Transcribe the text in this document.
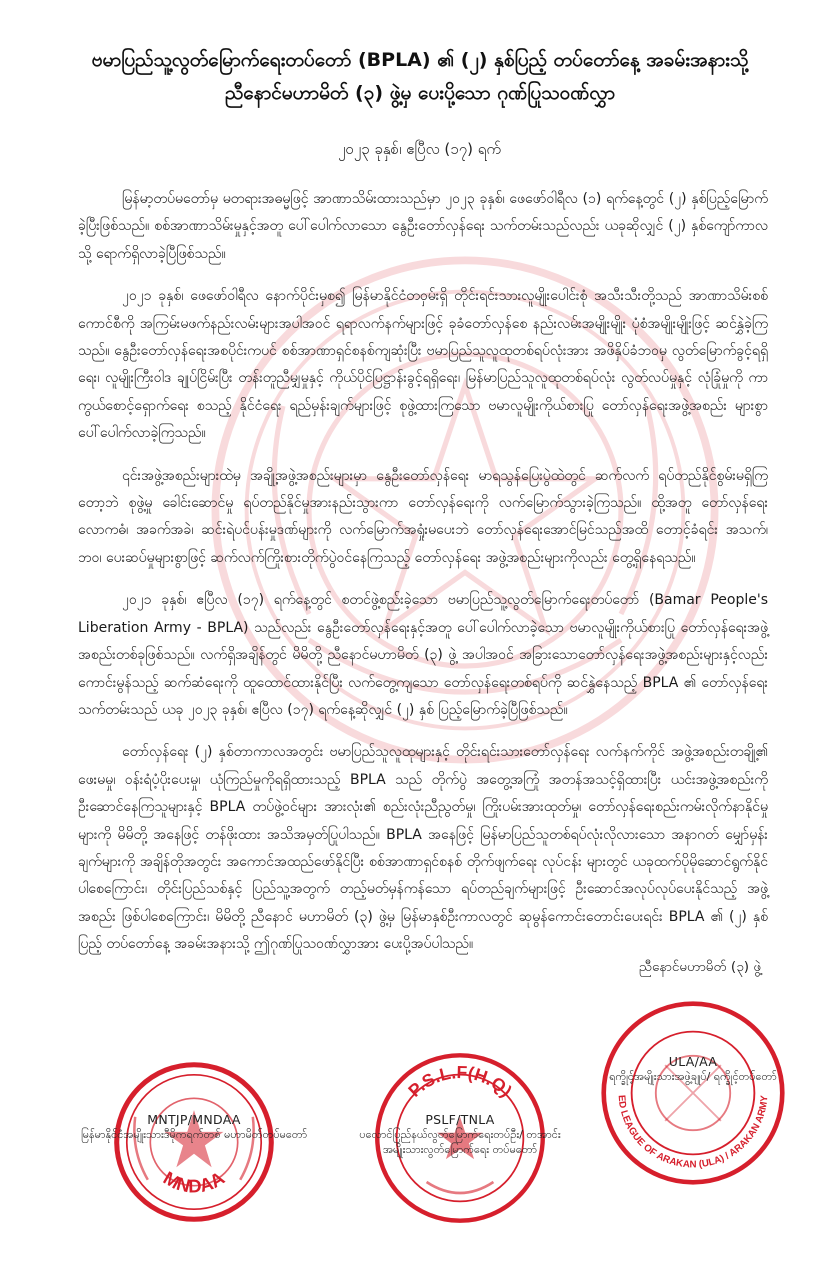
ဗမာပြည်သူ့လွတ်မြောက်ရေးတပ်တော် (BPLA) ၏ (၂) နှစ်ပြည့် တပ်တော်နေ့ အခမ်းအနားသို့
ညီနောင်မဟာမိတ် (၃) ဖွဲ့မှ ပေးပို့သော ဂုဏ်ပြုသဝဏ်လွှာ
၂၀၂၃ ခုနှစ်၊ ဧပြီလ (၁၇) ရက်

မြန်မာ့တပ်မတော်မှ မတရားအဓမ္မဖြင့် အာဏာသိမ်းထားသည်မှာ ၂၀၂၃ ခုနှစ်၊ ဖေဖော်ဝါရီလ (၁) ရက်နေ့တွင် (၂) နှစ်ပြည့်မြောက်ခဲ့ပြီးဖြစ်သည်။ စစ်အာဏာသိမ်းမှုနှင့်အတူ ပေါ်ပေါက်လာသော နွေဦးတော်လှန်ရေး သက်တမ်းသည်လည်း ယခုဆိုလျှင် (၂) နှစ်ကျော်ကာလသို့ ရောက်ရှိလာခဲ့ပြီဖြစ်သည်။

၂၀၂၁ ခုနှစ်၊ ဖေဖော်ဝါရီလ နောက်ပိုင်းမှစ၍ မြန်မာနိုင်ငံတဝှမ်းရှိ တိုင်းရင်းသားလူမျိုးပေါင်းစုံ အသီးသီးတို့သည် အာဏာသိမ်းစစ်ကောင်စီကို အကြမ်းမဖက်နည်းလမ်းများအပါအဝင် ရရာလက်နက်များဖြင့် ခုခံတော်လှန်စေ နည်းလမ်းအမျိုးမျိုး ပုံစံအမျိုးမျိုးဖြင့် ဆင်နွှဲခဲ့ကြသည်။ နွေဦးတော်လှန်ရေးအစပိုင်းကပင် စစ်အာဏာရှင်စနစ်ကျဆုံးပြီး ဗမာပြည်သူလူထုတစ်ရပ်လုံးအား အဖိနှိပ်ခံဘဝမှ လွတ်မြောက်ခွင့်ရရှိရေး၊ လူမျိုးကြီးဝါဒ ချုပ်ငြိမ်းပြီး တန်းတူညီမျှမှုနှင့် ကိုယ်ပိုင်ပြဋ္ဌာန်းခွင့်ရရှိရေး၊ မြန်မာပြည်သူလူထုတစ်ရပ်လုံး လွတ်လပ်မှုနှင့် လုံခြုံမှုကို ကာကွယ်စောင့်ရှောက်ရေး စသည့် နိုင်ငံရေး ရည်မှန်းချက်များဖြင့် စုဖွဲ့ထားကြသော ဗမာလူမျိုးကိုယ်စားပြု တော်လှန်ရေးအဖွဲ့အစည်း များစွာပေါ်ပေါက်လာခဲ့ကြသည်။

၎င်းအဖွဲ့အစည်းများထဲမှ အချို့အဖွဲ့အစည်းများမှာ နွေဦးတော်လှန်ရေး မာရသွန်ပြေးပွဲထဲတွင် ဆက်လက် ရပ်တည်နိုင်စွမ်းမရှိကြတော့ဘဲ စုဖွဲ့မှု ခေါင်းဆောင်မှု ရပ်တည်နိုင်မှုအားနည်းသွားကာ တော်လှန်ရေးကို လက်မြောက်သွားခဲ့ကြသည်။ ထို့အတူ တော်လှန်ရေးလောကဓံ၊ အခက်အခဲ၊ ဆင်းရဲပင်ပန်းမှုဒဏ်များကို လက်မြောက်အရှုံးမပေးဘဲ တော်လှန်ရေးအောင်မြင်သည်အထိ တောင့်ခံရင်း အသက်၊ ဘဝ၊ ပေးဆပ်မှုများစွာဖြင့် ဆက်လက်ကြိုးစားတိုက်ပွဲဝင်နေကြသည့် တော်လှန်ရေး အဖွဲ့အစည်းများကိုလည်း တွေ့ရှိနေရသည်။

၂၀၂၁ ခုနှစ်၊ ဧပြီလ (၁၇) ရက်နေ့တွင် စတင်ဖွဲ့စည်းခဲ့သော ဗမာပြည်သူ့လွတ်မြောက်ရေးတပ်တော် (Bamar People's Liberation Army - BPLA) သည်လည်း နွေဦးတော်လှန်ရေးနှင့်အတူ ပေါ်ပေါက်လာခဲ့သော ဗမာလူမျိုးကိုယ်စားပြု တော်လှန်ရေးအဖွဲ့အစည်းတစ်ခုဖြစ်သည်။ လက်ရှိအချိန်တွင် မိမိတို့ ညီနောင်မဟာမိတ် (၃) ဖွဲ့ အပါအဝင် အခြားသောတော်လှန်ရေးအဖွဲ့အစည်းများနှင့်လည်း ကောင်းမွန်သည့် ဆက်ဆံရေးကို ထူထောင်ထားနိုင်ပြီး လက်တွေ့ကျသော တော်လှန်ရေးတစ်ရပ်ကို ဆင်နွှဲနေသည့် BPLA ၏ တော်လှန်ရေးသက်တမ်းသည် ယခု ၂၀၂၃ ခုနှစ်၊ ဧပြီလ (၁၇) ရက်နေ့ဆိုလျှင် (၂) နှစ် ပြည့်မြောက်ခဲ့ပြီဖြစ်သည်။

တော်လှန်ရေး (၂) နှစ်တာကာလအတွင်း ဗမာပြည်သူလူထုများနှင့် တိုင်းရင်းသားတော်လှန်ရေး လက်နက်ကိုင် အဖွဲ့အစည်းတချို့၏ ဖေးမမှု၊ ဝန်းရံပံ့ပိုးပေးမှု၊ ယုံကြည်မှုကိုရရှိထားသည့် BPLA သည် တိုက်ပွဲ အတွေ့အကြုံ အတန်အသင့်ရှိထားပြီး ယင်းအဖွဲ့အစည်းကို ဦးဆောင်နေကြသူများနှင့် BPLA တပ်ဖွဲ့ဝင်များ အားလုံး၏ စည်းလုံးညီညွတ်မှု၊ ကြိုးပမ်းအားထုတ်မှု၊ တော်လှန်ရေးစည်းကမ်းလိုက်နာနိုင်မှုများကို မိမိတို့ အနေဖြင့် တန်ဖိုးထား အသိအမှတ်ပြုပါသည်။ BPLA အနေဖြင့် မြန်မာပြည်သူတစ်ရပ်လုံးလိုလားသော အနာဂတ် မျှော်မှန်းချက်များကို အချိန်တိုအတွင်း အကောင်အထည်ဖော်နိုင်ပြီး စစ်အာဏာရှင်စနစ် တိုက်ဖျက်ရေး လုပ်ငန်း များတွင် ယခုထက်ပိုမိုဆောင်ရွက်နိုင်ပါစေကြောင်း၊ တိုင်းပြည်သစ်နှင့် ပြည်သူ့အတွက် တည့်မတ်မှန်ကန်သော ရပ်တည်ချက်များဖြင့် ဦးဆောင်အလုပ်လုပ်ပေးနိုင်သည့် အဖွဲ့အစည်း ဖြစ်ပါစေကြောင်း၊ မိမိတို့ ညီနောင် မဟာမိတ် (၃) ဖွဲ့မှ မြန်မာနှစ်ဦးကာလတွင် ဆုမွန်ကောင်းတောင်းပေးရင်း BPLA ၏ (၂) နှစ်ပြည့် တပ်တော်နေ့ အခမ်းအနားသို့ ဤဂုဏ်ပြုသဝဏ်လွှာအား ပေးပို့အပ်ပါသည်။

ညီနောင်မဟာမိတ် (၃) ဖွဲ့
MNDAA
MNTJP/MNDAA
မြန်မာနိုင်ငံအမျိုးသားဒီမိုကရက်တစ် မဟာမိတ်တပ်မတော်
P.S.L.F(H.Q)
PSLF/TNLA
ပလောင်ပြည်နယ်လွတ်မြောက်ရေးတပ်ဦး/ တအာင်းအမျိုးသားလွတ်မြောက်ရေး တပ်မတော်
ED LEAGUE OF ARAKAN (ULA) / ARAKAN ARMY
ULA/AA
ရက္ခိုင့်အမျိုးသားအဖွဲ့ချုပ်/ ရက္ခိုင့်တပ်တော်
